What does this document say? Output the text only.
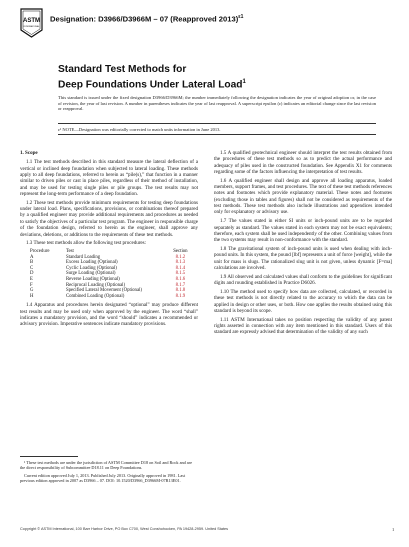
ASTM
INTERNATIONAL
Designation: D3966/D3966M – 07 (Reapproved 2013)$^{\varepsilon 1}$
Standard Test Methods for
Deep Foundations Under Lateral Load$^1$
This standard is issued under the fixed designation D3966/D3966M; the number immediately following the designation indicates the year of original adoption or, in the case of revision, the year of last revision. A number in parentheses indicates the year of last reapproval. A superscript epsilon (ε) indicates an editorial change since the last revision or reapproval.
ε¹ NOTE—Designation was editorially corrected to match units information in June 2013.
1. Scope

1.1 The test methods described in this standard measure the lateral deflection of a vertical or inclined deep foundation when subjected to lateral loading. These methods apply to all deep foundations, referred to herein as “pile(s),” that function in a manner similar to driven piles or cast in place piles, regardless of their method of installation, and may be used for testing single piles or pile groups. The test results may not represent the long-term performance of a deep foundation.

1.2 These test methods provide minimum requirements for testing deep foundations under lateral load. Plans, specifications, provisions, or combinations thereof prepared by a qualified engineer may provide additional requirements and procedures as needed to satisfy the objectives of a particular test program. The engineer in responsible charge of the foundation design, referred to herein as the engineer, shall approve any deviations, deletions, or additions to the requirements of these test methods.

1.3 These test methods allow the following test procedures:

Procedure	Test	Section
A	Standard Loading	8.1.2
B	Excess Loading (Optional)	8.1.3
C	Cyclic Loading (Optional)	8.1.4
D	Surge Loading (Optional)	8.1.5
E	Reverse Loading (Optional)	8.1.6
F	Reciprocal Loading (Optional)	8.1.7
G	Specified Lateral Movement (Optional)	8.1.8
H	Combined Loading (Optional)	8.1.9

1.4 Apparatus and procedures herein designated “optional” may produce different test results and may be used only when approved by the engineer. The word “shall” indicates a mandatory provision, and the word “should” indicates a recommended or advisory provision. Imperative sentences indicate mandatory provisions.

¹ These test methods are under the jurisdiction of ASTM Committee D18 on Soil and Rock and are the direct responsibility of Subcommittee D18.11 on Deep Foundations.

Current edition approved July 1, 2013. Published July 2013. Originally approved in 1981. Last previous edition approved in 2007 as D3966 – 07. DOI: 10.1520/D3966_D3966M-07R13E01.

1.5 A qualified geotechnical engineer should interpret the test results obtained from the procedures of these test methods so as to predict the actual performance and adequacy of piles used in the constructed foundation. See Appendix X1 for comments regarding some of the factors influencing the interpretation of test results.

1.6 A qualified engineer shall design and approve all loading apparatus, loaded members, support frames, and test procedures. The text of these test methods references notes and footnotes which provide explanatory material. These notes and footnotes (excluding those in tables and figures) shall not be considered as requirements of the test methods. These test methods also include illustrations and appendices intended only for explanatory or advisory use.

1.7 The values stated in either SI units or inch-pound units are to be regarded separately as standard. The values stated in each system may not be exact equivalents; therefore, each system shall be used independently of the other. Combining values from the two systems may result in non-conformance with the standard.

1.8 The gravitational system of inch-pound units is used when dealing with inch-pound units. In this system, the pound [lbf] represents a unit of force [weight], while the unit for mass is slugs. The rationalized slug unit is not given, unless dynamic [F=ma] calculations are involved.

1.9 All observed and calculated values shall conform to the guidelines for significant digits and rounding established in Practice D6026.

1.10 The method used to specify how data are collected, calculated, or recorded in these test methods is not directly related to the accuracy to which the data can be applied in design or other uses, or both. How one applies the results obtained using this standard is beyond its scope.

1.11 ASTM International takes no position respecting the validity of any patent rights asserted in connection with any item mentioned in this standard. Users of this standard are expressly advised that determination of the validity of any such

Copyright © ASTM International, 100 Barr Harbor Drive, PO Box C700, West Conshohocken, PA 19428-2959. United States	1
